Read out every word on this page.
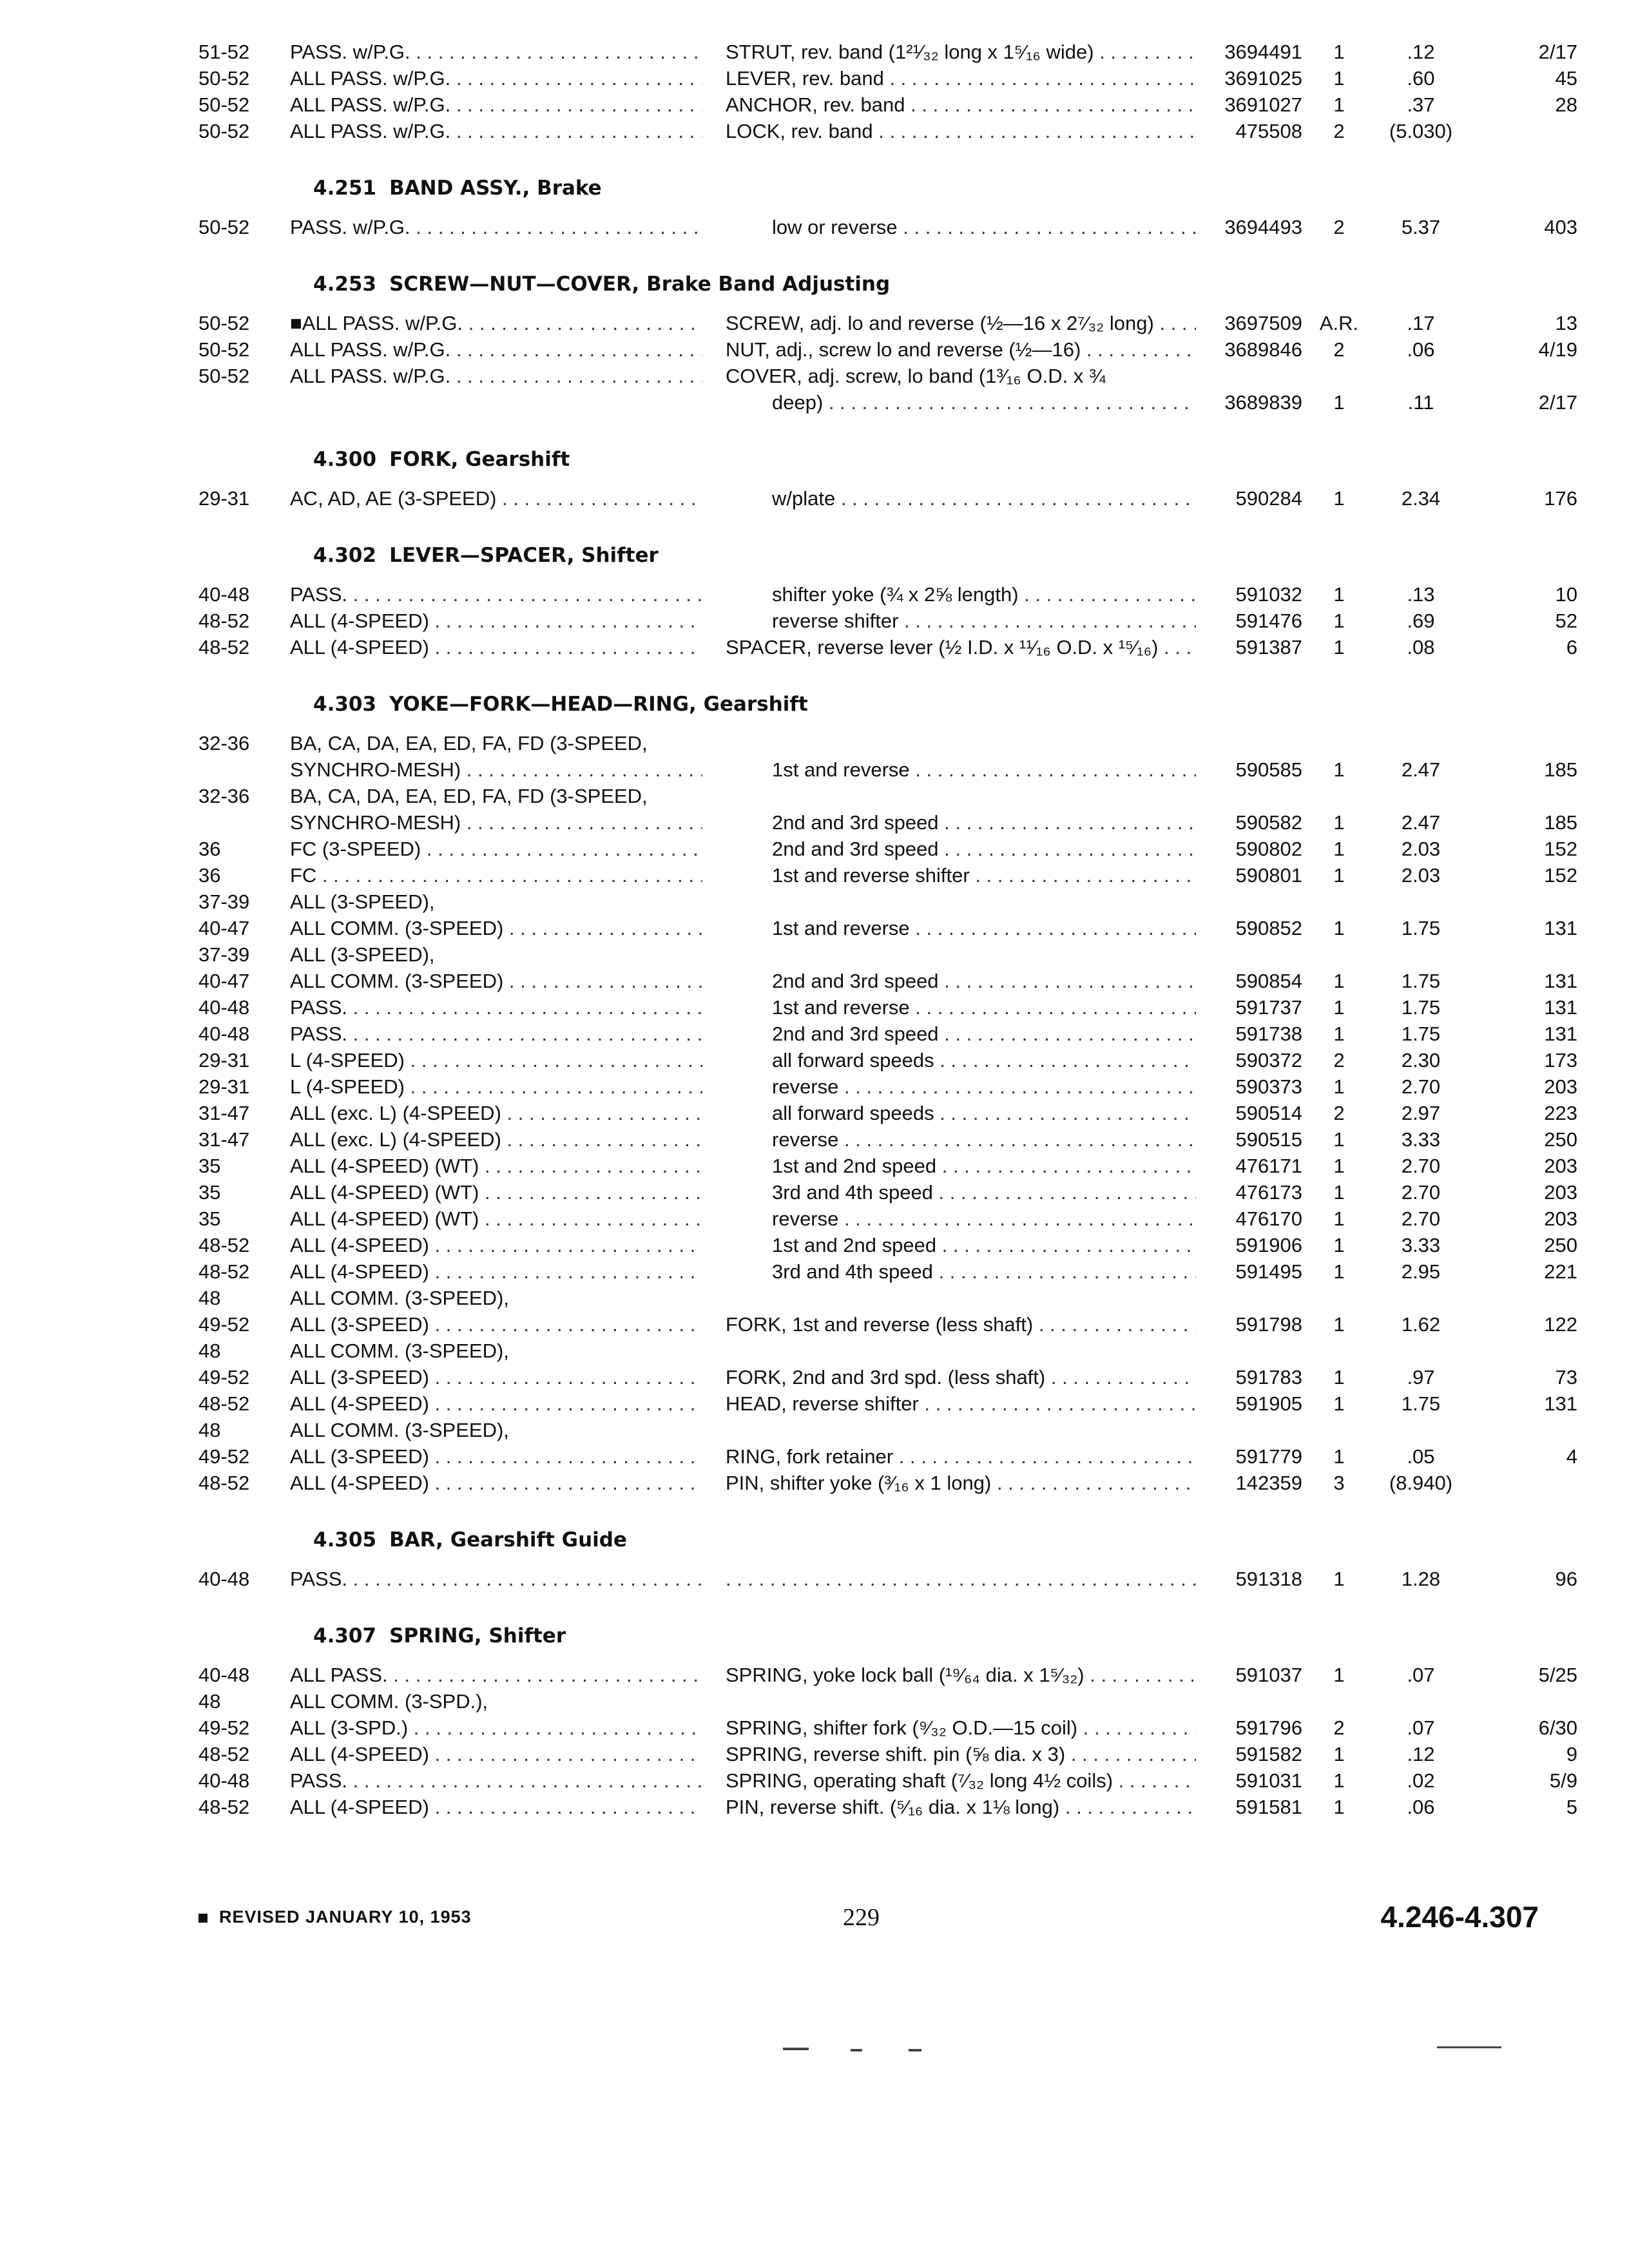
51-52	PASS. w/P.G. . . .	STRUT, rev. band (1²¹⁄₃₂ long x 1⁵⁄₁₆ wide) . . .	3694491	1	.12	2/17
50-52	ALL PASS. w/P.G. . . .	LEVER, rev. band . . .	3691025	1	.60	45
50-52	ALL PASS. w/P.G. . . .	ANCHOR, rev. band . . .	3691027	1	.37	28
50-52	ALL PASS. w/P.G. . . .	LOCK, rev. band . . .	475508	2	(5.030)
4.251 BAND ASSY., Brake
50-52	PASS. w/P.G. . . .	low or reverse . . .	3694493	2	5.37	403
4.253 SCREW—NUT—COVER, Brake Band Adjusting
50-52	■ALL PASS. w/P.G. . . .	SCREW, adj. lo and reverse (½—16 x 2⁷⁄₃₂ long) . . .	3697509 A.R.	.17	13
50-52	ALL PASS. w/P.G. . . .	NUT, adj., screw lo and reverse (½—16) . . .	3689846	2	.06	4/19
50-52	ALL PASS. w/P.G. . . .	COVER, adj. screw, lo band (1³⁄₁₆ O.D. x ¾
deep) . . .	3689839	1	.11	2/17
4.300 FORK, Gearshift
29-31	AC, AD, AE (3-SPEED) . . .	w/plate . . .	590284	1	2.34	176
4.302 LEVER—SPACER, Shifter
40-48	PASS. . . .	shifter yoke (¾ x 2⅝ length) . . .	591032	1	.13	10
48-52	ALL (4-SPEED) . . .	reverse shifter . . .	591476	1	.69	52
48-52	ALL (4-SPEED) . . .	SPACER, reverse lever (½ I.D. x ¹¹⁄₁₆ O.D. x ¹⁵⁄₁₆) . . .	591387	1	.08	6
4.303 YOKE—FORK—HEAD—RING, Gearshift
32-36	BA, CA, DA, EA, ED, FA, FD (3-SPEED,
SYNCHRO-MESH) . . .	1st and reverse . . .	590585	1	2.47	185
32-36	BA, CA, DA, EA, ED, FA, FD (3-SPEED,
SYNCHRO-MESH) . . .	2nd and 3rd speed . . .	590582	1	2.47	185
36	FC (3-SPEED) . . .	2nd and 3rd speed . . .	590802	1	2.03	152
36	FC . . .	1st and reverse shifter . . .	590801	1	2.03	152
37-39	ALL (3-SPEED),
40-47	ALL COMM. (3-SPEED) . . .	1st and reverse . . .	590852	1	1.75	131
37-39	ALL (3-SPEED),
40-47	ALL COMM. (3-SPEED) . . .	2nd and 3rd speed . . .	590854	1	1.75	131
40-48	PASS. . . .	1st and reverse . . .	591737	1	1.75	131
40-48	PASS. . . .	2nd and 3rd speed . . .	591738	1	1.75	131
29-31	L (4-SPEED) . . .	all forward speeds . . .	590372	2	2.30	173
29-31	L (4-SPEED) . . .	reverse . . .	590373	1	2.70	203
31-47	ALL (exc. L) (4-SPEED) . . .	all forward speeds . . .	590514	2	2.97	223
31-47	ALL (exc. L) (4-SPEED) . . .	reverse . . .	590515	1	3.33	250
35	ALL (4-SPEED) (WT) . . .	1st and 2nd speed . . .	476171	1	2.70	203
35	ALL (4-SPEED) (WT) . . .	3rd and 4th speed . . .	476173	1	2.70	203
35	ALL (4-SPEED) (WT) . . .	reverse . . .	476170	1	2.70	203
48-52	ALL (4-SPEED) . . .	1st and 2nd speed . . .	591906	1	3.33	250
48-52	ALL (4-SPEED) . . .	3rd and 4th speed . . .	591495	1	2.95	221
48	ALL COMM. (3-SPEED),
49-52	ALL (3-SPEED) . . .	FORK, 1st and reverse (less shaft) . . .	591798	1	1.62	122
48	ALL COMM. (3-SPEED),
49-52	ALL (3-SPEED) . . .	FORK, 2nd and 3rd spd. (less shaft) . . .	591783	1	.97	73
48-52	ALL (4-SPEED) . . .	HEAD, reverse shifter . . .	591905	1	1.75	131
48	ALL COMM. (3-SPEED),
49-52	ALL (3-SPEED) . . .	RING, fork retainer . . .	591779	1	.05	4
48-52	ALL (4-SPEED) . . .	PIN, shifter yoke (³⁄₁₆ x 1 long) . . .	142359	3	(8.940)
4.305 BAR, Gearshift Guide
40-48	PASS. . . .
. . .	591318	1	1.28	96
4.307 SPRING, Shifter
40-48	ALL PASS. . . .	SPRING, yoke lock ball (¹⁹⁄₆₄ dia. x 1⁵⁄₃₂) . . .	591037	1	.07	5/25
48	ALL COMM. (3-SPD.),
49-52	ALL (3-SPD.) . . .	SPRING, shifter fork (⁹⁄₃₂ O.D.—15 coil) . . .	591796	2	.07	6/30
48-52	ALL (4-SPEED) . . .	SPRING, reverse shift. pin (⅝ dia. x 3) . . .	591582	1	.12	9
40-48	PASS. . . .	SPRING, operating shaft (⁷⁄₃₂ long 4½ coils) . . .	591031	1	.02	5/9
48-52	ALL (4-SPEED) . . .	PIN, reverse shift. (⁵⁄₁₆ dia. x 1⅛ long) . . .	591581	1	.06	5
REVISED JANUARY 10, 1953	229	4.246-4.307
